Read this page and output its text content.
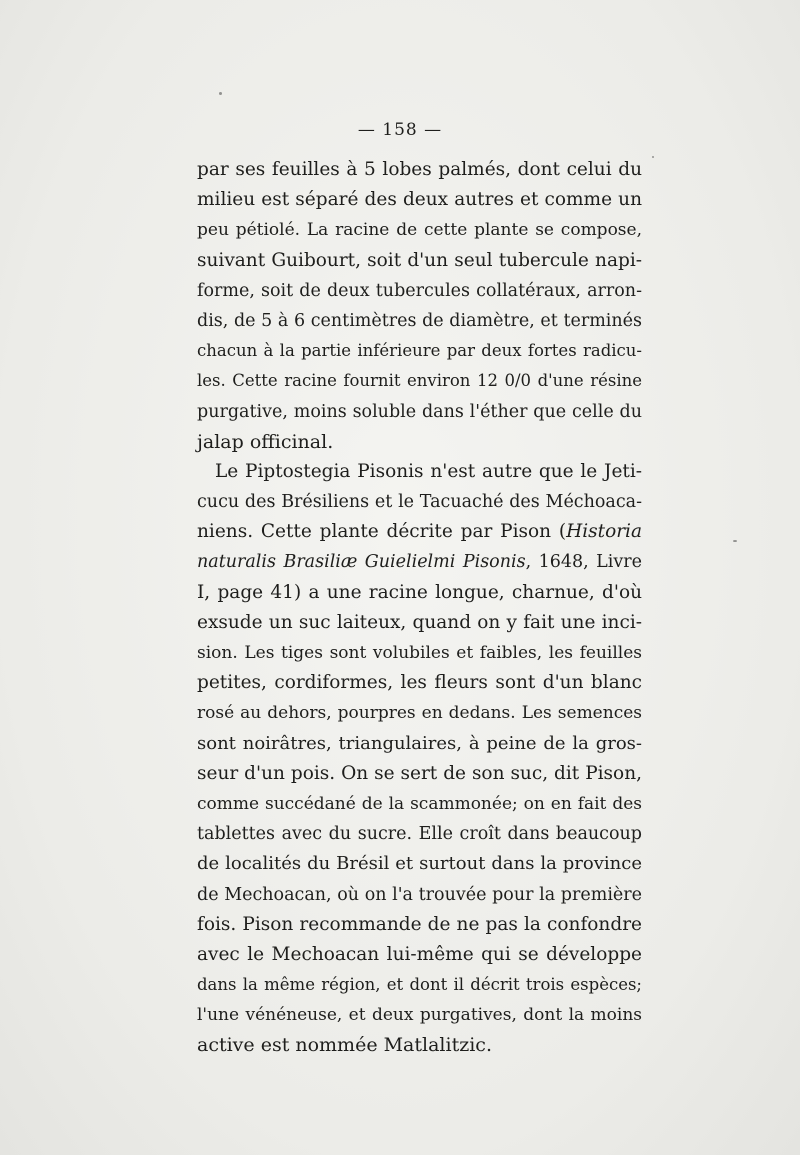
— 158 —
par ses feuilles à 5 lobes palmés, dont celui du
milieu est séparé des deux autres et comme un
peu pétiolé. La racine de cette plante se compose,
suivant Guibourt, soit d'un seul tubercule napi-
forme, soit de deux tubercules collatéraux, arron-
dis, de 5 à 6 centimètres de diamètre, et terminés
chacun à la partie inférieure par deux fortes radicu-
les. Cette racine fournit environ 12 0/0 d'une résine
purgative, moins soluble dans l'éther que celle du
jalap officinal.
Le Piptostegia Pisonis n'est autre que le Jeti-
cucu des Brésiliens et le Tacuaché des Méchoaca-
niens. Cette plante décrite par Pison (Historia
naturalis Brasiliæ Guielielmi Pisonis, 1648, Livre
I, page 41) a une racine longue, charnue, d'où
exsude un suc laiteux, quand on y fait une inci-
sion. Les tiges sont volubiles et faibles, les feuilles
petites, cordiformes, les fleurs sont d'un blanc
rosé au dehors, pourpres en dedans. Les semences
sont noirâtres, triangulaires, à peine de la gros-
seur d'un pois. On se sert de son suc, dit Pison,
comme succédané de la scammonée; on en fait des
tablettes avec du sucre. Elle croît dans beaucoup
de localités du Brésil et surtout dans la province
de Mechoacan, où on l'a trouvée pour la première
fois. Pison recommande de ne pas la confondre
avec le Mechoacan lui-même qui se développe
dans la même région, et dont il décrit trois espèces;
l'une vénéneuse, et deux purgatives, dont la moins
active est nommée Matlalitzic.
